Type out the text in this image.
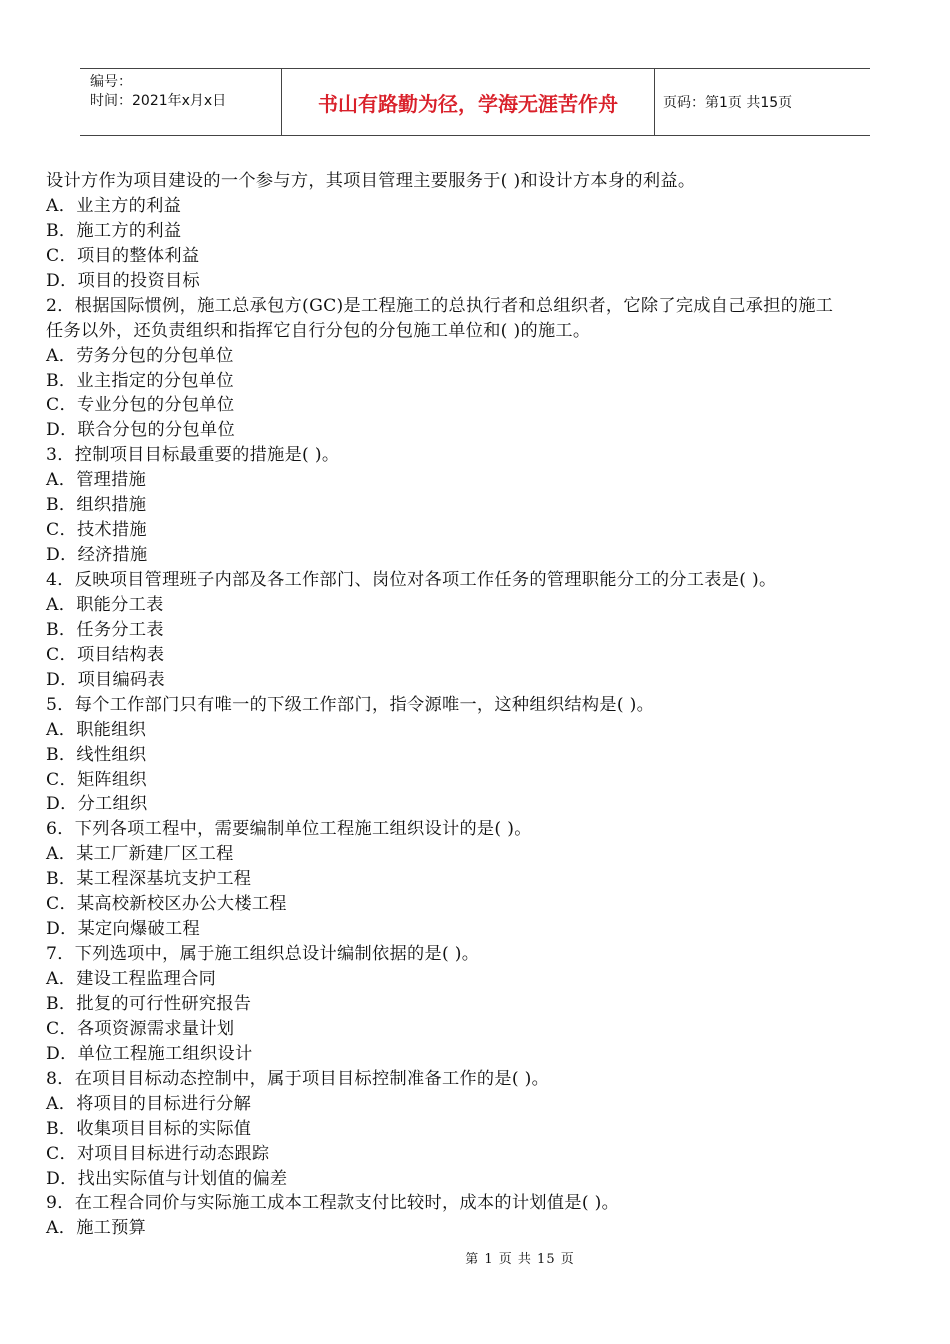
编号：
时间：2021年x月x日	书山有路勤为径，学海无涯苦作舟	页码：第1页 共15页
设计方作为项目建设的一个参与方，其项目管理主要服务于( )和设计方本身的利益。
A．业主方的利益
B．施工方的利益
C．项目的整体利益
D．项目的投资目标
2．根据国际惯例，施工总承包方(GC)是工程施工的总执行者和总组织者，它除了完成自己承担的施工
任务以外，还负责组织和指挥它自行分包的分包施工单位和( )的施工。
A．劳务分包的分包单位
B．业主指定的分包单位
C．专业分包的分包单位
D．联合分包的分包单位
3．控制项目目标最重要的措施是( )。
A．管理措施
B．组织措施
C．技术措施
D．经济措施
4．反映项目管理班子内部及各工作部门、岗位对各项工作任务的管理职能分工的分工表是( )。
A．职能分工表
B．任务分工表
C．项目结构表
D．项目编码表
5．每个工作部门只有唯一的下级工作部门，指令源唯一，这种组织结构是( )。
A．职能组织
B．线性组织
C．矩阵组织
D．分工组织
6．下列各项工程中，需要编制单位工程施工组织设计的是( )。
A．某工厂新建厂区工程
B．某工程深基坑支护工程
C．某高校新校区办公大楼工程
D．某定向爆破工程
7．下列选项中，属于施工组织总设计编制依据的是( )。
A．建设工程监理合同
B．批复的可行性研究报告
C．各项资源需求量计划
D．单位工程施工组织设计
8．在项目目标动态控制中，属于项目目标控制准备工作的是( )。
A．将项目的目标进行分解
B．收集项目目标的实际值
C．对项目目标进行动态跟踪
D．找出实际值与计划值的偏差
9．在工程合同价与实际施工成本工程款支付比较时，成本的计划值是( )。
A．施工预算
第 1 页 共 15 页
